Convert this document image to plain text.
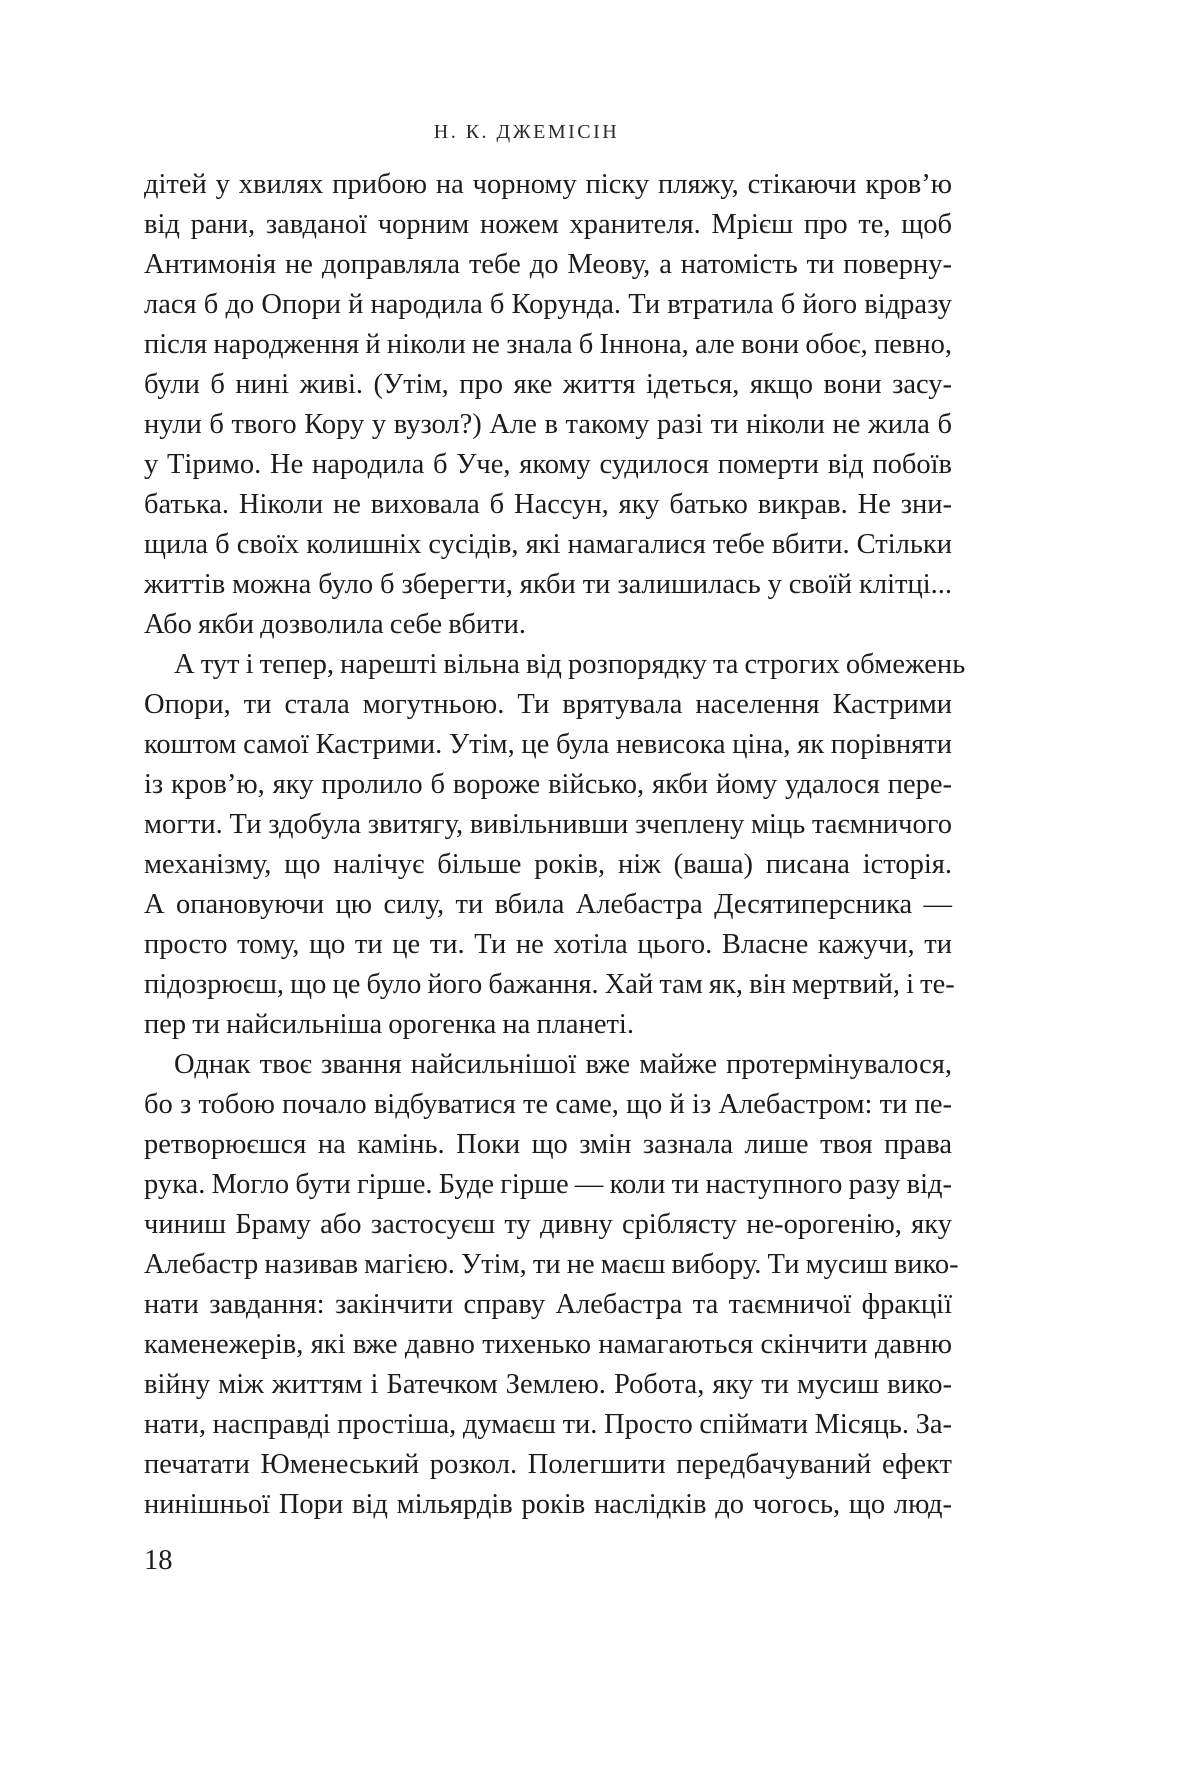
Н. К. ДЖЕМІСІН
дітей у хвилях прибою на чорному піску пляжу, стікаючи кров’ю
від рани, завданої чорним ножем хранителя. Мрієш про те, щоб
Антимонія не доправляла тебе до Меову, а натомість ти поверну-
лася б до Опори й народила б Корунда. Ти втратила б його відразу
після народження й ніколи не знала б Іннона, але вони обоє, певно,
були б нині живі. (Утім, про яке життя ідеться, якщо вони засу-
нули б твого Кору у вузол?) Але в такому разі ти ніколи не жила б
у Тіримо. Не народила б Уче, якому судилося померти від побоїв
батька. Ніколи не виховала б Нассун, яку батько викрав. Не зни-
щила б своїх колишніх сусідів, які намагалися тебе вбити. Стільки
життів можна було б зберегти, якби ти залишилась у своїй клітці...
Або якби дозволила себе вбити.
А тут і тепер, нарешті вільна від розпорядку та строгих обмежень
Опори, ти стала могутньою. Ти врятувала населення Кастрими
коштом самої Кастрими. Утім, це була невисока ціна, як порівняти
із кров’ю, яку пролило б вороже військо, якби йому удалося пере-
могти. Ти здобула звитягу, вивільнивши зчеплену міць таємничого
механізму, що налічує більше років, ніж (ваша) писана історія.
А опановуючи цю силу, ти вбила Алебастра Десятиперсника —
просто тому, що ти це ти. Ти не хотіла цього. Власне кажучи, ти
підозрюєш, що це було його бажання. Хай там як, він мертвий, і те-
пер ти найсильніша орогенка на планеті.
Однак твоє звання найсильнішої вже майже протермінувалося,
бо з тобою почало відбуватися те саме, що й із Алебастром: ти пе-
ретворюєшся на камінь. Поки що змін зазнала лише твоя права
рука. Могло бути гірше. Буде гірше — коли ти наступного разу від-
чиниш Браму або застосуєш ту дивну сріблясту не-орогенію, яку
Алебастр називав магією. Утім, ти не маєш вибору. Ти мусиш вико-
нати завдання: закінчити справу Алебастра та таємничої фракції
каменежерів, які вже давно тихенько намагаються скінчити давню
війну між життям і Батечком Землею. Робота, яку ти мусиш вико-
нати, насправді простіша, думаєш ти. Просто спіймати Місяць. За-
печатати Юменеський розкол. Полегшити передбачуваний ефект
нинішньої Пори від мільярдів років наслідків до чогось, що люд-
18
